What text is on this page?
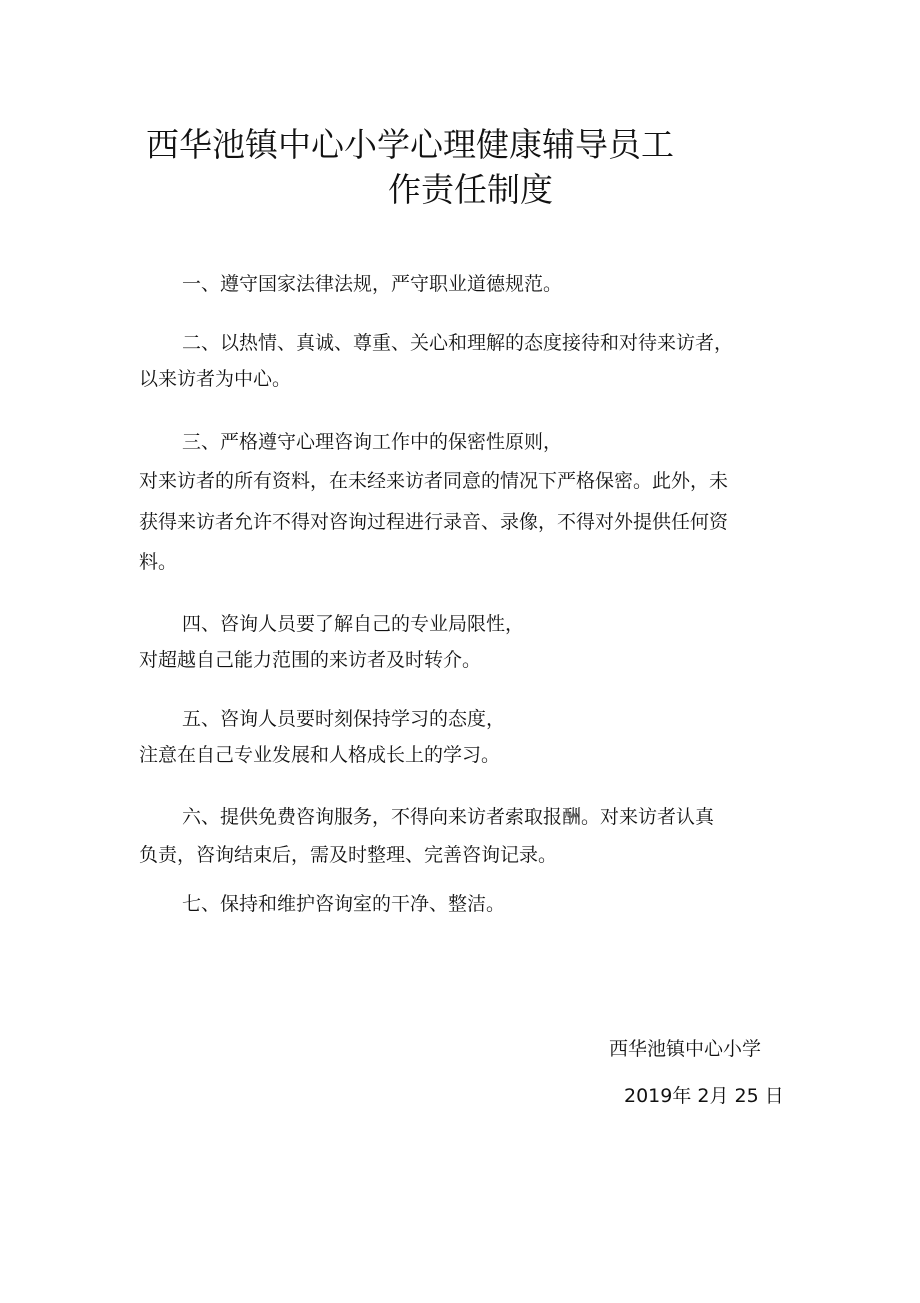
西华池镇中心小学心理健康辅导员工
作责任制度
一、遵守国家法律法规，严守职业道德规范。
二、以热情、真诚、尊重、关心和理解的态度接待和对待来访者，
以来访者为中心。
三、严格遵守心理咨询工作中的保密性原则，
对来访者的所有资料，在未经来访者同意的情况下严格保密。此外，未
获得来访者允许不得对咨询过程进行录音、录像，不得对外提供任何资
料。
四、咨询人员要了解自己的专业局限性，
对超越自己能力范围的来访者及时转介。
五、咨询人员要时刻保持学习的态度，
注意在自己专业发展和人格成长上的学习。
六、提供免费咨询服务，不得向来访者索取报酬。对来访者认真
负责，咨询结束后，需及时整理、完善咨询记录。
七、保持和维护咨询室的干净、整洁。
西华池镇中心小学
2019年 2月 25 日
